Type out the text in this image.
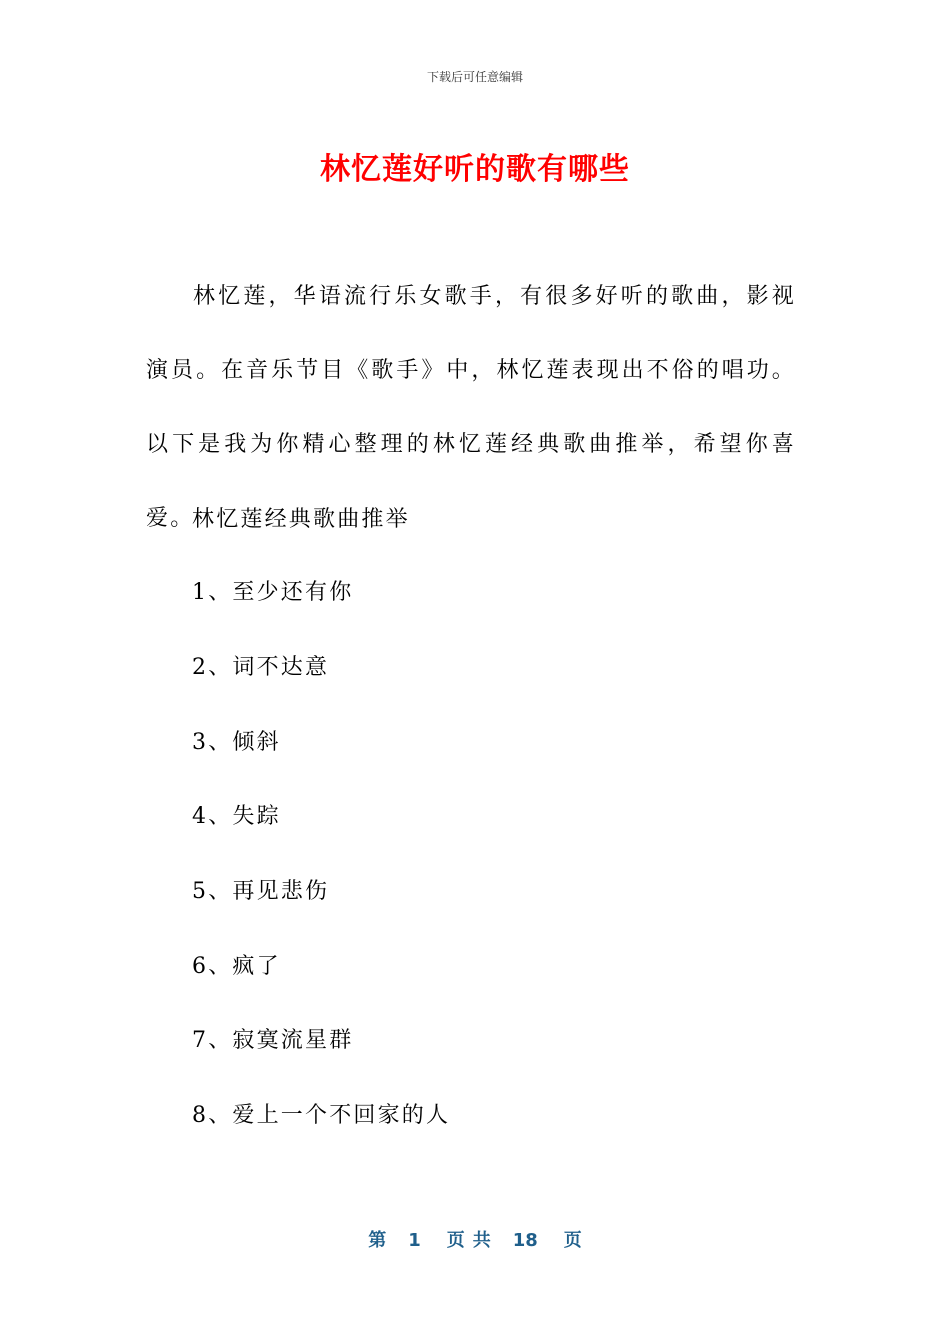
下载后可任意编辑
林忆莲好听的歌有哪些

林忆莲，华语流行乐女歌手，有很多好听的歌曲，影视演员。在音乐节目《歌手》中，林忆莲表现出不俗的唱功。以下是我为你精心整理的林忆莲经典歌曲推举，希望你喜爱。

林忆莲经典歌曲推举

1、至少还有你

2、词不达意

3、倾斜

4、失踪

5、再见悲伤

6、疯了

7、寂寞流星群

8、爱上一个不回家的人

第 1 页 共 18 页
